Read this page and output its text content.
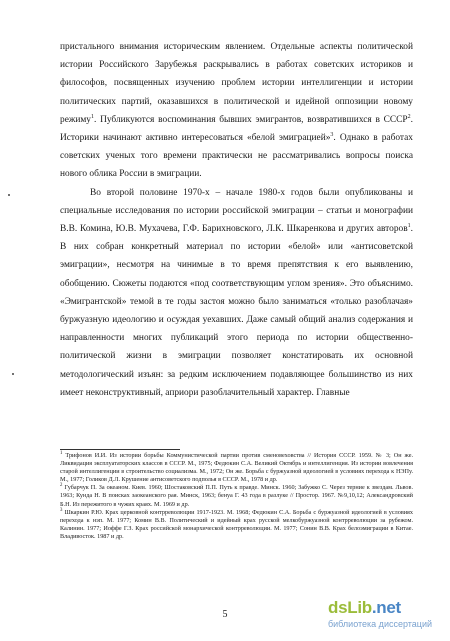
пристального внимания историческим явлением. Отдельные аспекты политической истории Российского Зарубежья раскрывались в работах советских историков и философов, посвященных изучению проблем истории интеллигенции и истории политических партий, оказавшихся в политической и идейной оппозиции новому режиму$^1$. Публикуются воспоминания бывших эмигрантов, возвратившихся в СССР$^2$. Историки начинают активно интересоваться «белой эмиграцией»$^3$. Однако в работах советских ученых того времени практически не рассматривались вопросы поиска нового облика России в эмиграции.

Во второй половине 1970-х – начале 1980-х годов были опубликованы и специальные исследования по истории российской эмиграции – статьи и монографии В.В. Комина, Ю.В. Мухачева, Г.Ф. Барихновского, Л.К. Шкаренкова и других авторов$^1$. В них собран конкретный материал по истории «белой» или «антисоветской эмиграции», несмотря на чинимые в то время препятствия к его выявлению, обобщению. Сюжеты подаются «под соответствующим углом зрения». Это объяснимо. «Эмигрантской» темой в те годы застоя можно было заниматься «только разоблачая» буржуазную идеологию и осуждая уехавших. Даже самый общий анализ содержания и направленности многих публикаций этого периода по истории общественно-политической жизни в эмиграции позволяет констатировать их основной методологический изъян: за редким исключением подавляющее большинство из них имеет неконструктивный, априори разоблачительный характер. Главные

$^1$ Трифонов И.И. Из истории борьбы Коммунистической партии против сменовеховства // История СССР. 1959. № 3; Он же. Ликвидация эксплуататорских классов в СССР. М., 1975; Федюкин С.А. Великий Октябрь и интеллигенция. Из истории вовлечения старой интеллигенции в строительство социализма. М., 1972; Он же. Борьба с буржуазной идеологией в условиях перехода к НЭПу. М., 1977; Голиков Д.Л. Крушение антисоветского подполья в СССР. М., 1978 и др.

$^2$ Губарчук П. За океаном. Киев. 1960; Шостаковский П.П. Путь к правде. Минск. 1960; Забужко С. Через терние к звездам. Львов. 1963; Кунда Н. В поисках заокеанского рая. Минск, 1963; бенуа Г. 43 года в разлуке // Простор. 1967. №9,10,12; Александровский Б.Н. Из пережитого в чужих краях. М. 1969 и др.

$^3$ Шкаркин Р.Ю. Крах церковной контрреволюции 1917-1923. М. 1968; Федюкин С.А. Борьба с буржуазной идеологией в условиях перехода к нэп. М. 1977; Комин В.В. Политический и идейный крах русской мелкобуржуазной контрреволюции за рубежом. Калинин. 1977; Иоффе Г.З. Крах российской монархической контрреволюции. М. 1977; Сонин В.В. Крах белоэмиграции в Китае. Владивосток. 1987 и др.

5	dsLib.net
библиотека диссертаций
